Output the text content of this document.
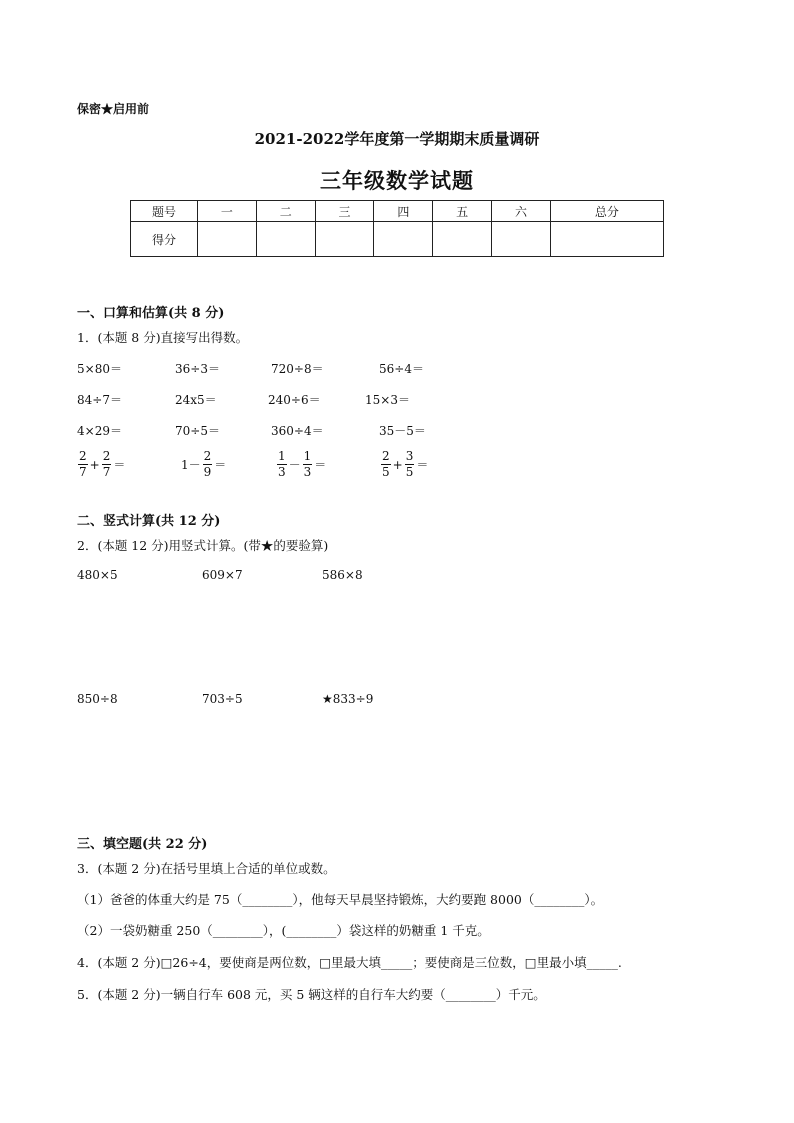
保密★启用前
2021-2022学年度第一学期期末质量调研
三年级数学试题
题号	一	二	三	四	五	六	总分
得分							
一、口算和估算(共 8 分)
1．(本题 8 分)直接写出得数。
5×80＝	36÷3＝	720÷8＝	56÷4＝
84÷7＝	24x5＝	240÷6＝	15×3＝
4×29＝	70÷5＝	360÷4＝	35－5＝
$\frac{2}{7} + \frac{2}{7}$ ＝	$1- \frac{2}{9}$ ＝	$\frac{1}{3} - \frac{1}{3}$ ＝	$\frac{2}{5} + \frac{3}{5}$ ＝
二、竖式计算(共 12 分)
2．(本题 12 分)用竖式计算。(带★的要验算)
480×5	609×7	586×8
850÷8	703÷5	★833÷9
三、填空题(共 22 分)
3．(本题 2 分)在括号里填上合适的单位或数。
（1）爸爸的体重大约是 75（________），他每天早晨坚持锻炼，大约要跑 8000（________）。
（2）一袋奶糖重 250（________），(________）袋这样的奶糖重 1 千克。
4．(本题 2 分)□26÷4，要使商是两位数，□里最大填_____；要使商是三位数，□里最小填_____.
5．(本题 2 分)一辆自行车 608 元，买 5 辆这样的自行车大约要（________）千元。
